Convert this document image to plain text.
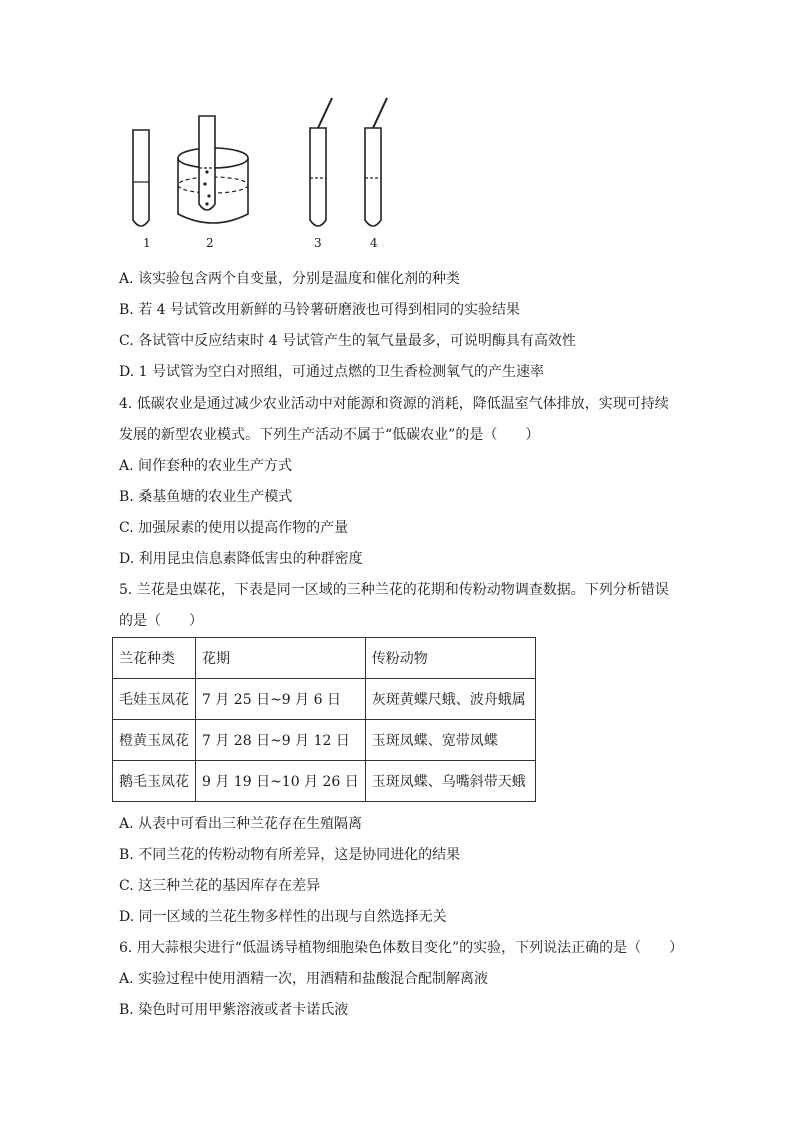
1	2	3	4
A. 该实验包含两个自变量，分别是温度和催化剂的种类
B. 若 4 号试管改用新鲜的马铃薯研磨液也可得到相同的实验结果
C. 各试管中反应结束时 4 号试管产生的氧气量最多，可说明酶具有高效性
D. 1 号试管为空白对照组，可通过点燃的卫生香检测氧气的产生速率
4. 低碳农业是通过减少农业活动中对能源和资源的消耗，降低温室气体排放，实现可持续
发展的新型农业模式。下列生产活动不属于“低碳农业”的是（　　）
A. 间作套种的农业生产方式
B. 桑基鱼塘的农业生产模式
C. 加强尿素的使用以提高作物的产量
D. 利用昆虫信息素降低害虫的种群密度
5. 兰花是虫媒花，下表是同一区域的三种兰花的花期和传粉动物调查数据。下列分析错误
的是（　　）
兰花种类	花期	传粉动物
毛娃玉凤花	7 月 25 日~9 月 6 日	灰斑黄蝶尺蛾、波舟蛾属
橙黄玉凤花	7 月 28 日~9 月 12 日	玉斑凤蝶、宽带凤蝶
鹅毛玉凤花	9 月 19 日~10 月 26 日	玉斑凤蝶、乌嘴斜带天蛾
A. 从表中可看出三种兰花存在生殖隔离
B. 不同兰花的传粉动物有所差异，这是协同进化的结果
C. 这三种兰花的基因库存在差异
D. 同一区域的兰花生物多样性的出现与自然选择无关
6. 用大蒜根尖进行“低温诱导植物细胞染色体数目变化”的实验，下列说法正确的是（　　）
A. 实验过程中使用酒精一次，用酒精和盐酸混合配制解离液
B. 染色时可用甲紫溶液或者卡诺氏液
